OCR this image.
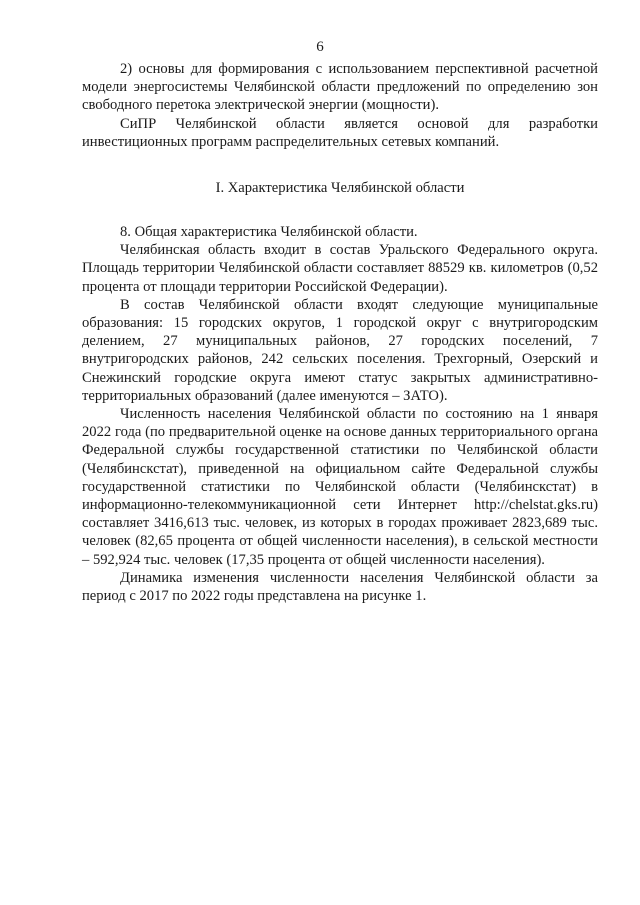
6

2) основы для формирования с использованием перспективной расчетной модели энергосистемы Челябинской области предложений по определению зон свободного перетока электрической энергии (мощности).

СиПР Челябинской области является основой для разработки инвестиционных программ распределительных сетевых компаний.

I. Характеристика Челябинской области

8. Общая характеристика Челябинской области.

Челябинская область входит в состав Уральского Федерального округа. Площадь территории Челябинской области составляет 88529 кв. километров (0,52 процента от площади территории Российской Федерации).

В состав Челябинской области входят следующие муниципальные образования: 15 городских округов, 1 городской округ с внутригородским делением, 27 муниципальных районов, 27 городских поселений, 7 внутригородских районов, 242 сельских поселения. Трехгорный, Озерский и Снежинский городские округа имеют статус закрытых административно-территориальных образований (далее именуются – ЗАТО).

Численность населения Челябинской области по состоянию на 1 января 2022 года (по предварительной оценке на основе данных территориального органа Федеральной службы государственной статистики по Челябинской области (Челябинскстат), приведенной на официальном сайте Федеральной службы государственной статистики по Челябинской области (Челябинскстат) в информационно-телекоммуникационной сети Интернет http://chelstat.gks.ru) составляет 3416,613 тыс. человек, из которых в городах проживает 2823,689 тыс. человек (82,65 процента от общей численности населения), в сельской местности – 592,924 тыс. человек (17,35 процента от общей численности населения).

Динамика изменения численности населения Челябинской области за период с 2017 по 2022 годы представлена на рисунке 1.
